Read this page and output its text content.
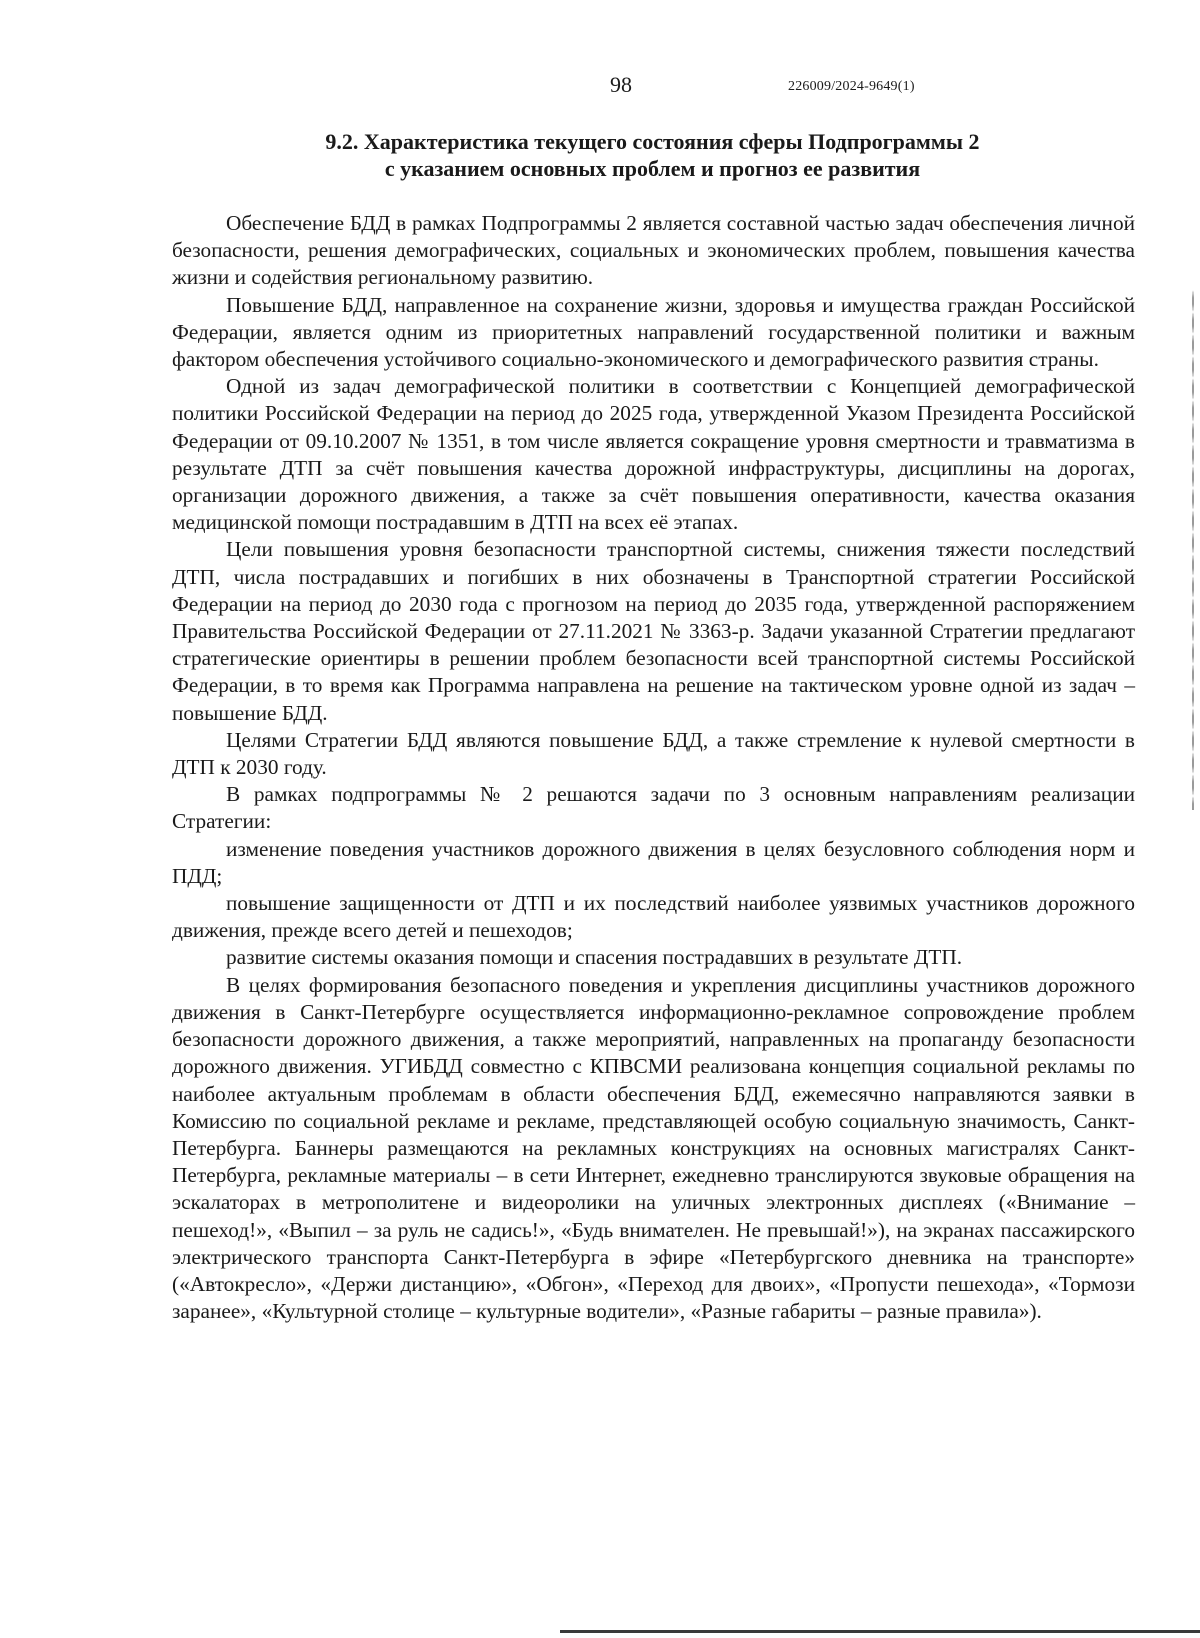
98	226009/2024-9649(1)
9.2. Характеристика текущего состояния сферы Подпрограммы 2
с указанием основных проблем и прогноз ее развития

Обеспечение БДД в рамках Подпрограммы 2 является составной частью задач обеспечения личной безопасности, решения демографических, социальных и экономических проблем, повышения качества жизни и содействия региональному развитию.

Повышение БДД, направленное на сохранение жизни, здоровья и имущества граждан Российской Федерации, является одним из приоритетных направлений государственной политики и важным фактором обеспечения устойчивого социально-экономического и демографического развития страны.

Одной из задач демографической политики в соответствии с Концепцией демографической политики Российской Федерации на период до 2025 года, утвержденной Указом Президента Российской Федерации от 09.10.2007 № 1351, в том числе является сокращение уровня смертности и травматизма в результате ДТП за счёт повышения качества дорожной инфраструктуры, дисциплины на дорогах, организации дорожного движения, а также за счёт повышения оперативности, качества оказания медицинской помощи пострадавшим в ДТП на всех её этапах.

Цели повышения уровня безопасности транспортной системы, снижения тяжести последствий ДТП, числа пострадавших и погибших в них обозначены в Транспортной стратегии Российской Федерации на период до 2030 года с прогнозом на период до 2035 года, утвержденной распоряжением Правительства Российской Федерации от 27.11.2021 № 3363-р. Задачи указанной Стратегии предлагают стратегические ориентиры в решении проблем безопасности всей транспортной системы Российской Федерации, в то время как Программа направлена на решение на тактическом уровне одной из задач – повышение БДД.

Целями Стратегии БДД являются повышение БДД, а также стремление к нулевой смертности в ДТП к 2030 году.

В рамках подпрограммы № 2 решаются задачи по 3 основным направлениям реализации Стратегии:

изменение поведения участников дорожного движения в целях безусловного соблюдения норм и ПДД;

повышение защищенности от ДТП и их последствий наиболее уязвимых участников дорожного движения, прежде всего детей и пешеходов;

развитие системы оказания помощи и спасения пострадавших в результате ДТП.

В целях формирования безопасного поведения и укрепления дисциплины участников дорожного движения в Санкт-Петербурге осуществляется информационно-рекламное сопровождение проблем безопасности дорожного движения, а также мероприятий, направленных на пропаганду безопасности дорожного движения. УГИБДД совместно с КПВСМИ реализована концепция социальной рекламы по наиболее актуальным проблемам в области обеспечения БДД, ежемесячно направляются заявки в Комиссию по социальной рекламе и рекламе, представляющей особую социальную значимость, Санкт-Петербурга. Баннеры размещаются на рекламных конструкциях на основных магистралях Санкт-Петербурга, рекламные материалы – в сети Интернет, ежедневно транслируются звуковые обращения на эскалаторах в метрополитене и видеоролики на уличных электронных дисплеях («Внимание – пешеход!», «Выпил – за руль не садись!», «Будь внимателен. Не превышай!»), на экранах пассажирского электрического транспорта Санкт-Петербурга в эфире «Петербургского дневника на транспорте» («Автокресло», «Держи дистанцию», «Обгон», «Переход для двоих», «Пропусти пешехода», «Тормози заранее», «Культурной столице – культурные водители», «Разные габариты – разные правила»).
